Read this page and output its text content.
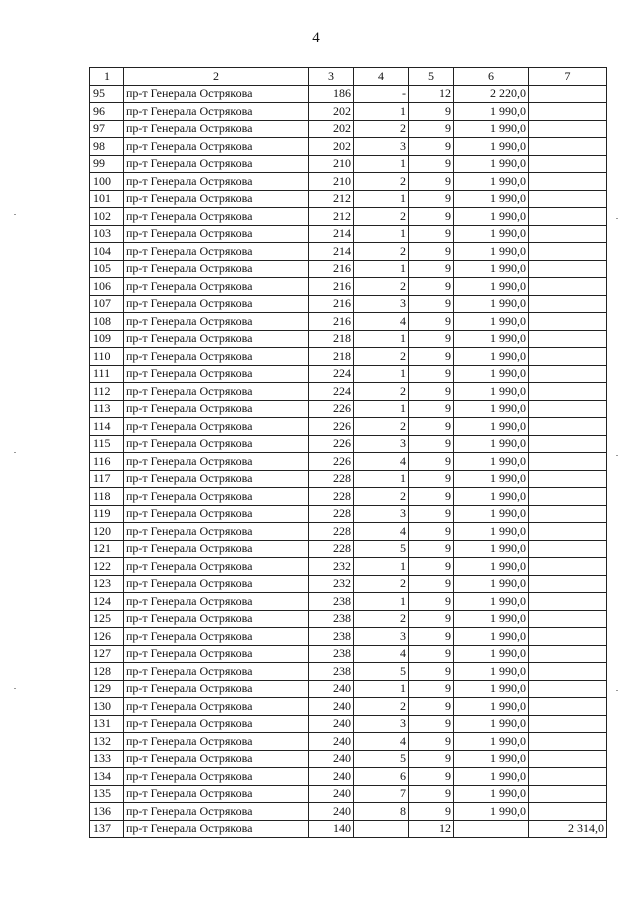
4
1	2	3	4	5	6	7
95	пр-т Генерала Острякова	186	-	12	2 220,0	
96	пр-т Генерала Острякова	202	1	9	1 990,0	
97	пр-т Генерала Острякова	202	2	9	1 990,0	
98	пр-т Генерала Острякова	202	3	9	1 990,0	
99	пр-т Генерала Острякова	210	1	9	1 990,0	
100	пр-т Генерала Острякова	210	2	9	1 990,0	
101	пр-т Генерала Острякова	212	1	9	1 990,0	
102	пр-т Генерала Острякова	212	2	9	1 990,0	
103	пр-т Генерала Острякова	214	1	9	1 990,0	
104	пр-т Генерала Острякова	214	2	9	1 990,0	
105	пр-т Генерала Острякова	216	1	9	1 990,0	
106	пр-т Генерала Острякова	216	2	9	1 990,0	
107	пр-т Генерала Острякова	216	3	9	1 990,0	
108	пр-т Генерала Острякова	216	4	9	1 990,0	
109	пр-т Генерала Острякова	218	1	9	1 990,0	
110	пр-т Генерала Острякова	218	2	9	1 990,0	
111	пр-т Генерала Острякова	224	1	9	1 990,0	
112	пр-т Генерала Острякова	224	2	9	1 990,0	
113	пр-т Генерала Острякова	226	1	9	1 990,0	
114	пр-т Генерала Острякова	226	2	9	1 990,0	
115	пр-т Генерала Острякова	226	3	9	1 990,0	
116	пр-т Генерала Острякова	226	4	9	1 990,0	
117	пр-т Генерала Острякова	228	1	9	1 990,0	
118	пр-т Генерала Острякова	228	2	9	1 990,0	
119	пр-т Генерала Острякова	228	3	9	1 990,0	
120	пр-т Генерала Острякова	228	4	9	1 990,0	
121	пр-т Генерала Острякова	228	5	9	1 990,0	
122	пр-т Генерала Острякова	232	1	9	1 990,0	
123	пр-т Генерала Острякова	232	2	9	1 990,0	
124	пр-т Генерала Острякова	238	1	9	1 990,0	
125	пр-т Генерала Острякова	238	2	9	1 990,0	
126	пр-т Генерала Острякова	238	3	9	1 990,0	
127	пр-т Генерала Острякова	238	4	9	1 990,0	
128	пр-т Генерала Острякова	238	5	9	1 990,0	
129	пр-т Генерала Острякова	240	1	9	1 990,0	
130	пр-т Генерала Острякова	240	2	9	1 990,0	
131	пр-т Генерала Острякова	240	3	9	1 990,0	
132	пр-т Генерала Острякова	240	4	9	1 990,0	
133	пр-т Генерала Острякова	240	5	9	1 990,0	
134	пр-т Генерала Острякова	240	6	9	1 990,0	
135	пр-т Генерала Острякова	240	7	9	1 990,0	
136	пр-т Генерала Острякова	240	8	9	1 990,0	
137	пр-т Генерала Острякова	140		12		2 314,0
